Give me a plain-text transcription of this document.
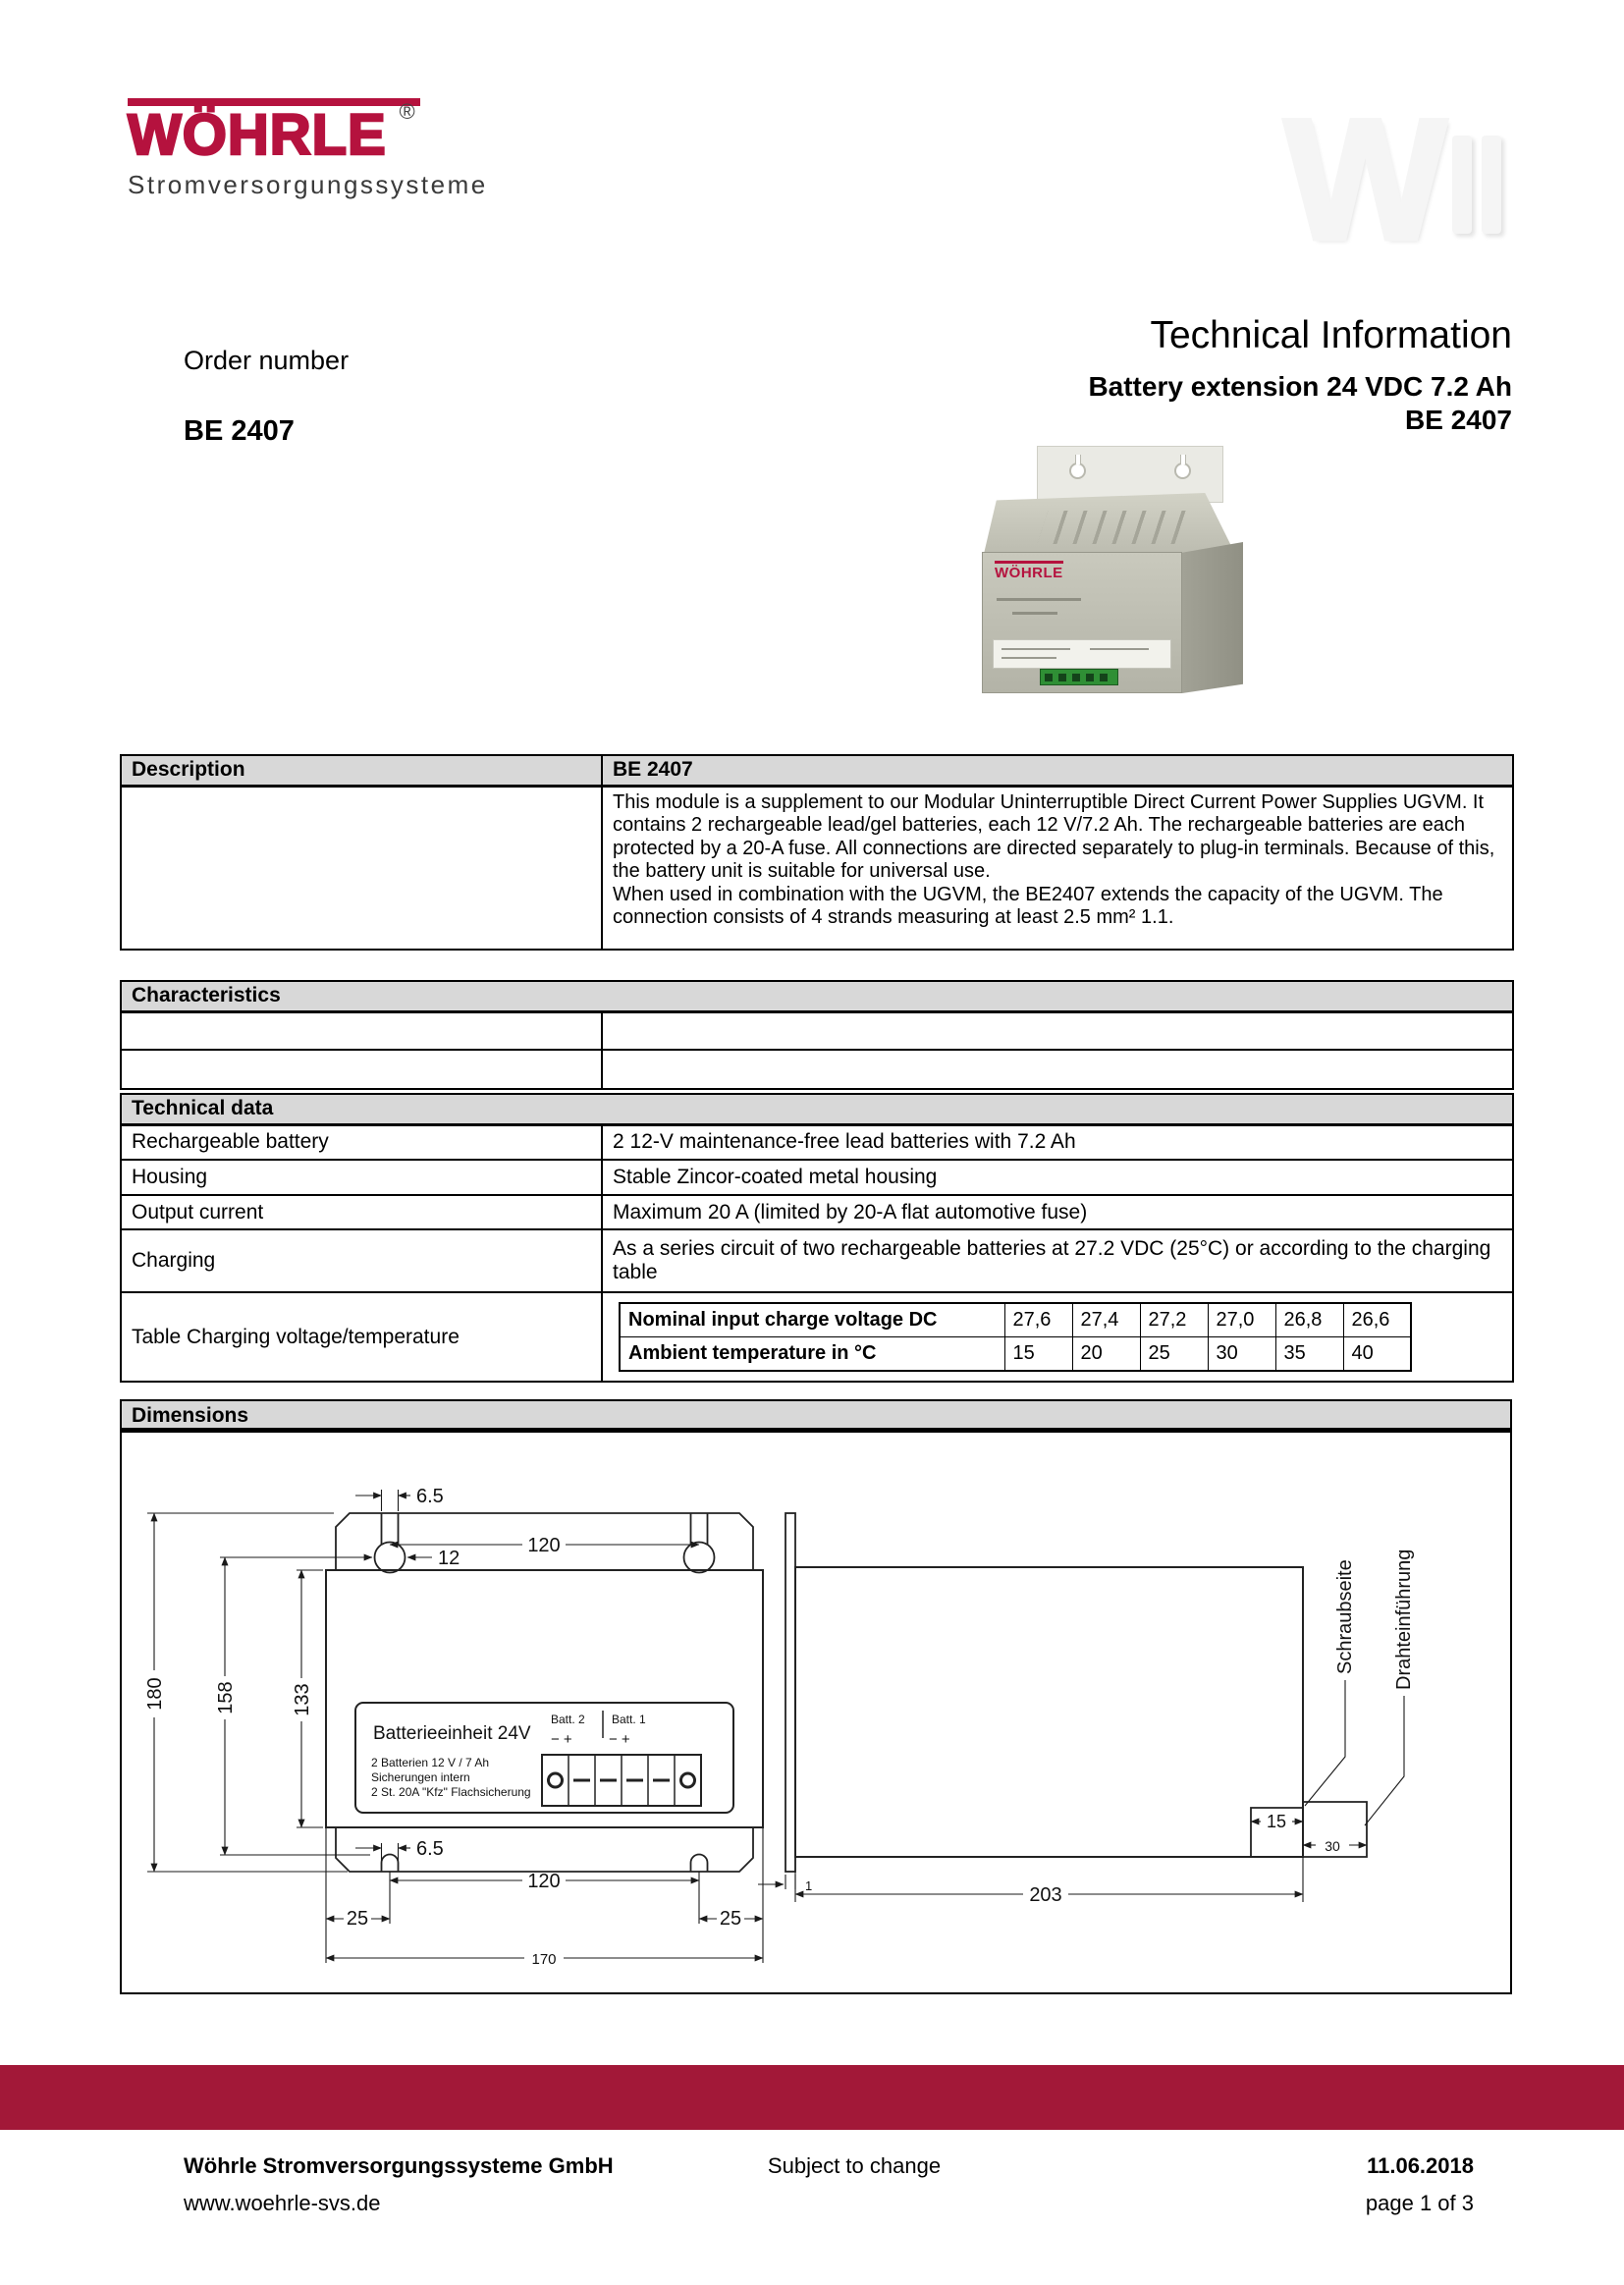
WÖHRLE ®
Stromversorgungssysteme	W
Order number
BE 2407
Technical Information
Battery extension 24 VDC 7.2 Ah
BE 2407
WÖHRLE
Description	BE 2407

	This module is a supplement to our Modular Uninterruptible Direct Current Power Supplies UGVM. It contains 2 rechargeable lead/gel batteries, each 12 V/7.2 Ah. The rechargeable batteries are each protected by a 20-A fuse. All connections are directed separately to plug-in terminals. Because of this, the battery unit is suitable for universal use.
When used in combination with the UGVM, the BE2407 extends the capacity of the UGVM. The connection consists of 4 strands measuring at least 2.5 mm² 1.1.
Characteristics	

Technical data
Rechargeable battery	2 12-V maintenance-free lead batteries with 7.2 Ah
Housing	Stable Zincor-coated metal housing
Output current	Maximum 20 A (limited by 20-A flat automotive fuse)
Charging	As a series circuit of two rechargeable batteries at 27.2 VDC (25°C) or according to the charging table
Table Charging voltage/temperature	
Nominal input charge voltage DC	27,6	27,4	27,2	27,0	26,8	26,6
Ambient temperature in °C	15	20	25	30	35	40
Dimensions
Batterieeinheit 24V
Batt. 2 Batt. 1
− + − +
2 Batterien 12 V / 7 Ah
Sicherungen intern
2 St. 20A "Kfz" Flachsicherung
180	158	133
6.5
120
12
6.5
120
25	25
170
15
30
203
1
Schraubseite Drahteinführung
Wöhrle Stromversorgungssysteme GmbH
www.woehrle-svs.de
Subject to change	11.06.2018
page 1 of 3
